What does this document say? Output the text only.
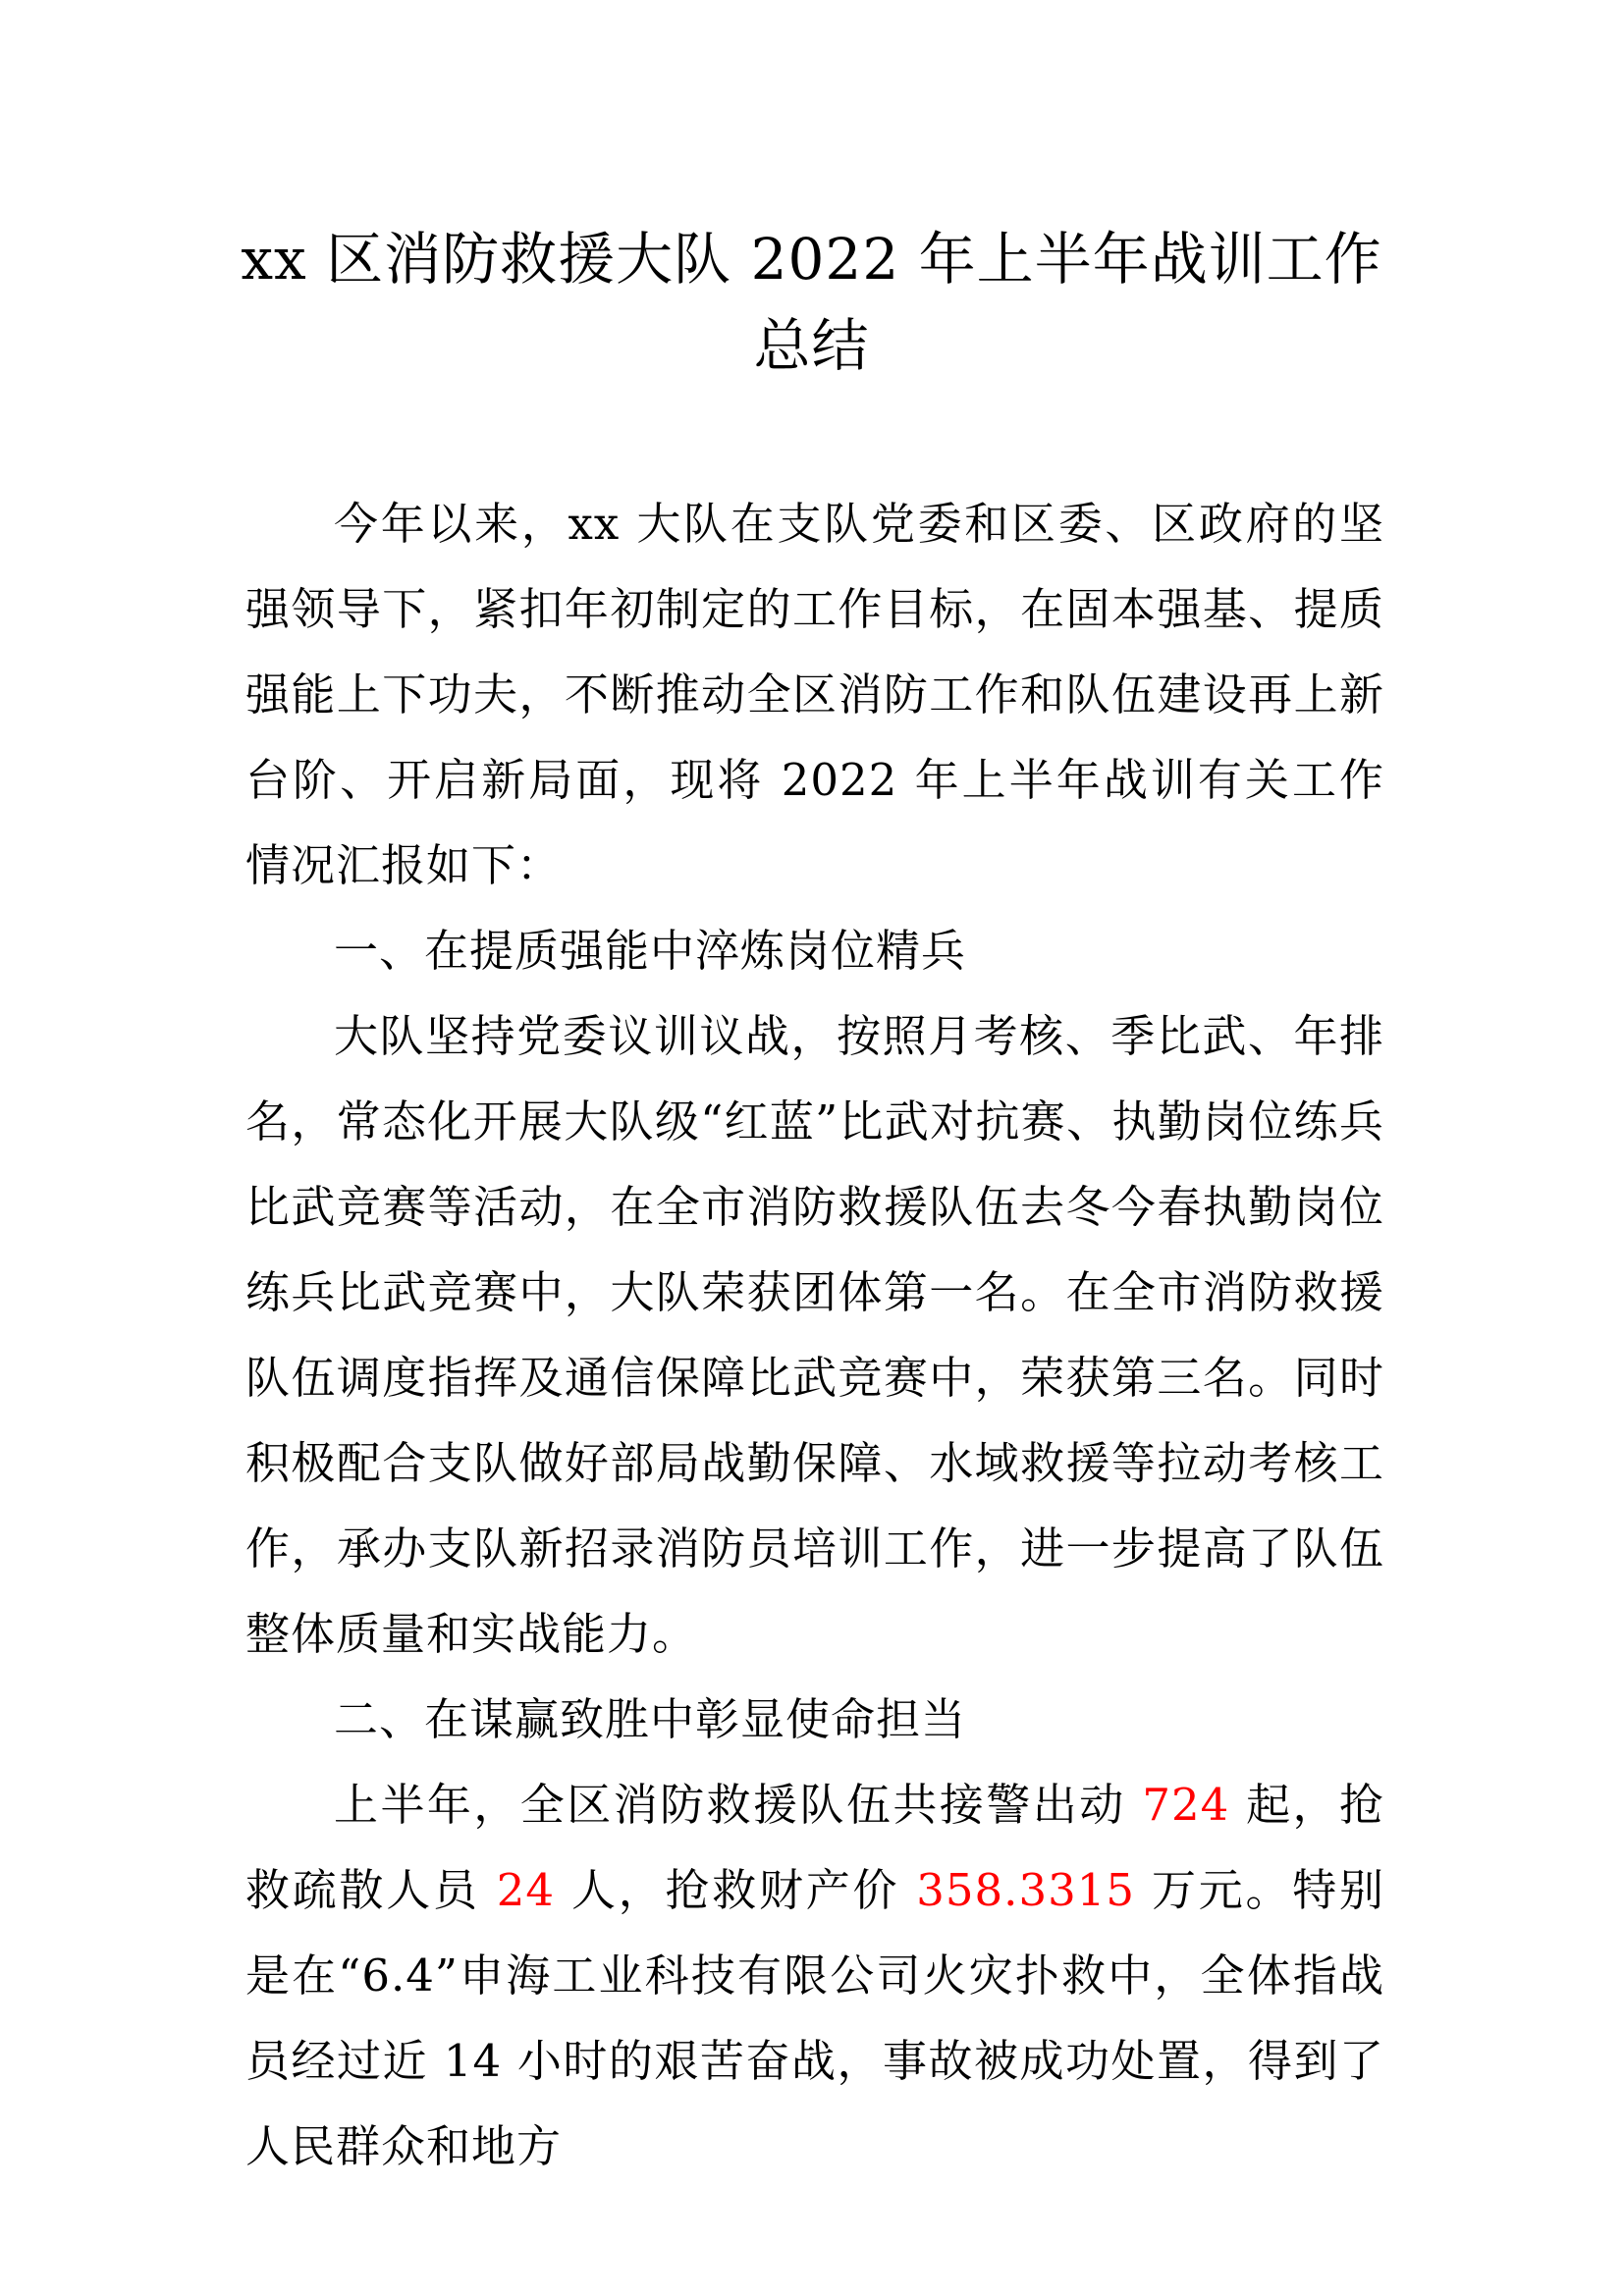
xx 区消防救援大队 2022 年上半年战训工作
总结

今年以来，xx 大队在支队党委和区委、区政府的坚强领导下，紧扣年初制定的工作目标，在固本强基、提质强能上下功夫，不断推动全区消防工作和队伍建设再上新台阶、开启新局面，现将 2022 年上半年战训有关工作情况汇报如下：

一、在提质强能中淬炼岗位精兵

大队坚持党委议训议战，按照月考核、季比武、年排名，常态化开展大队级“红蓝”比武对抗赛、执勤岗位练兵比武竞赛等活动，在全市消防救援队伍去冬今春执勤岗位练兵比武竞赛中，大队荣获团体第一名。在全市消防救援队伍调度指挥及通信保障比武竞赛中，荣获第三名。同时积极配合支队做好部局战勤保障、水域救援等拉动考核工作，承办支队新招录消防员培训工作，进一步提高了队伍整体质量和实战能力。

二、在谋赢致胜中彰显使命担当

上半年，全区消防救援队伍共接警出动 724 起，抢救疏散人员 24 人，抢救财产价 358.3315 万元。特别是在“6.4”申海工业科技有限公司火灾扑救中，全体指战员经过近 14 小时的艰苦奋战，事故被成功处置，得到了人民群众和地方
